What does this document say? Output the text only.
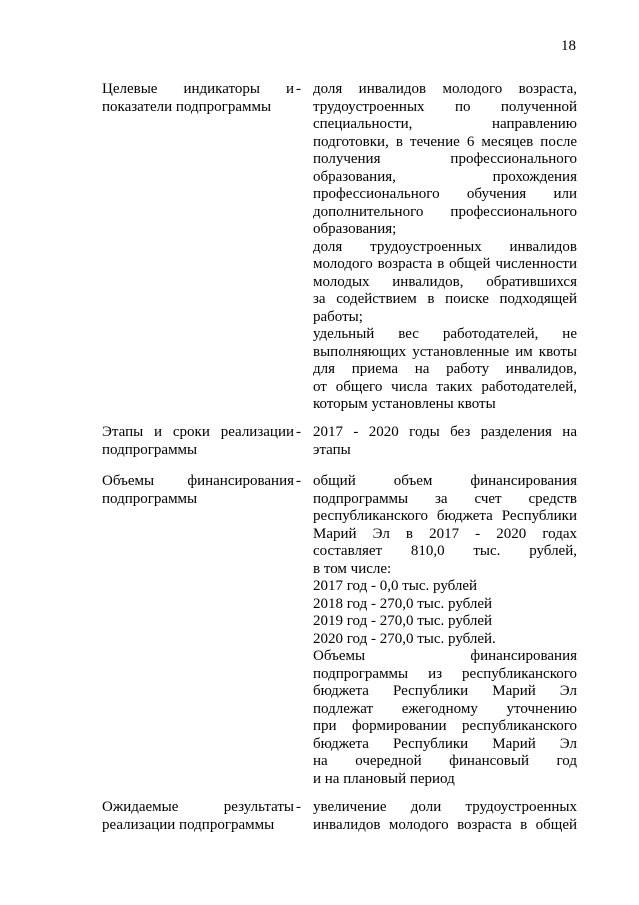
18
Целевые индикаторы и
показатели подпрограммы
- доля инвалидов молодого возраста,
трудоустроенных по полученной
специальности, направлению
подготовки, в течение 6 месяцев после
получения профессионального
образования, прохождения
профессионального обучения или
дополнительного профессионального
образования;
доля трудоустроенных инвалидов
молодого возраста в общей численности
молодых инвалидов, обратившихся
за содействием в поиске подходящей
работы;
удельный вес работодателей, не
выполняющих установленные им квоты
для приема на работу инвалидов,
от общего числа таких работодателей,
которым установлены квоты
Этапы и сроки реализации
подпрограммы
- 2017 - 2020 годы без разделения на
этапы
Объемы финансирования
подпрограммы
- общий объем финансирования
подпрограммы за счет средств
республиканского бюджета Республики
Марий Эл в 2017 - 2020 годах
составляет 810,0 тыс. рублей,
в том числе:
2017 год - 0,0 тыс. рублей
2018 год - 270,0 тыс. рублей
2019 год - 270,0 тыс. рублей
2020 год - 270,0 тыс. рублей.
Объемы финансирования
подпрограммы из республиканского
бюджета Республики Марий Эл
подлежат ежегодному уточнению
при формировании республиканского
бюджета Республики Марий Эл
на очередной финансовый год
и на плановый период
Ожидаемые результаты
реализации подпрограммы
- увеличение доли трудоустроенных
инвалидов молодого возраста в общей
